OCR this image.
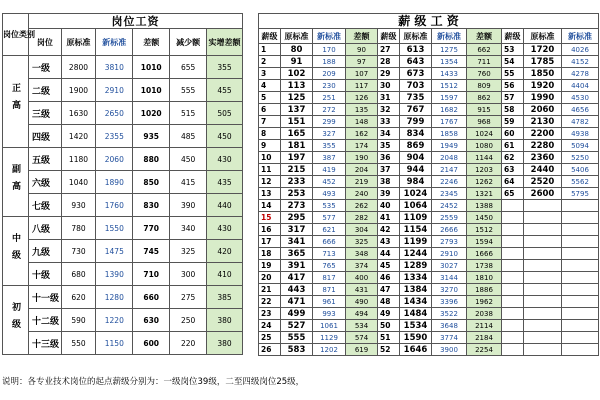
岗位类别	岗位工资					
	岗位	原标准	新标准	差额	减少额	实增差额
正高	一级	2800	3810	1010	655	355
	二级	1900	2910	1010	555	455
	三级	1630	2650	1020	515	505
	四级	1420	2355	935	485	450
副高	五级	1180	2060	880	450	430
	六级	1040	1890	850	415	435
	七级	930	1760	830	390	440
中级	八级	780	1550	770	340	430
	九级	730	1475	745	325	420
	十级	680	1390	710	300	410
初级	十一级	620	1280	660	275	385
	十二级	590	1220	630	250	380
	十三级	550	1150	600	220	380
薪 级 工 资										
薪级	原标准	新标准	差额	薪级	原标准	新标准	差额	薪级	原标准	新标准
1	80	170	90	27	613	1275	662	53	1720	4026
2	91	188	97	28	643	1354	711	54	1785	4152
3	102	209	107	29	673	1433	760	55	1850	4278
4	113	230	117	30	703	1512	809	56	1920	4404
5	125	251	126	31	735	1597	862	57	1990	4530
6	137	272	135	32	767	1682	915	58	2060	4656
7	151	299	148	33	799	1767	968	59	2130	4782
8	165	327	162	34	834	1858	1024	60	2200	4938
9	181	355	174	35	869	1949	1080	61	2280	5094
10	197	387	190	36	904	2048	1144	62	2360	5250
11	215	419	204	37	944	2147	1203	63	2440	5406
12	233	452	219	38	984	2246	1262	64	2520	5562
13	253	493	240	39	1024	2345	1321	65	2600	5795
14	273	535	262	40	1064	2452	1388			
15	295	577	282	41	1109	2559	1450			
16	317	621	304	42	1154	2666	1512			
17	341	666	325	43	1199	2793	1594			
18	365	713	348	44	1244	2910	1666			
19	391	765	374	45	1289	3027	1738			
20	417	817	400	46	1334	3144	1810			
21	443	871	431	47	1384	3270	1886			
22	471	961	490	48	1434	3396	1962			
23	499	993	494	49	1484	3522	2038			
24	527	1061	534	50	1534	3648	2114			
25	555	1129	574	51	1590	3774	2184			
26	583	1202	619	52	1646	3900	2254			
说明：各专业技术岗位的起点薪级分别为：一级岗位39级，二至四级岗位25级，
